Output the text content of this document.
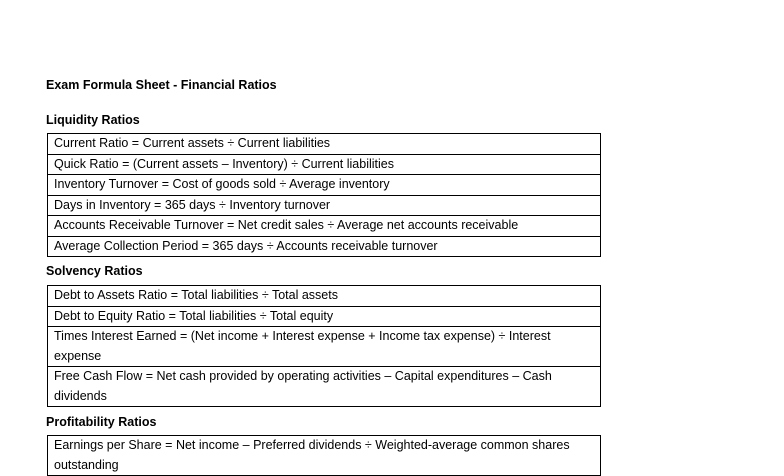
Exam Formula Sheet - Financial Ratios
Liquidity Ratios
Current Ratio = Current assets ÷ Current liabilities
Quick Ratio = (Current assets – Inventory) ÷ Current liabilities
Inventory Turnover = Cost of goods sold ÷ Average inventory
Days in Inventory = 365 days ÷ Inventory turnover
Accounts Receivable Turnover = Net credit sales ÷ Average net accounts receivable
Average Collection Period = 365 days ÷ Accounts receivable turnover
Solvency Ratios
Debt to Assets Ratio = Total liabilities ÷ Total assets
Debt to Equity Ratio = Total liabilities ÷ Total equity
Times Interest Earned = (Net income + Interest expense + Income tax expense) ÷ Interest expense
Free Cash Flow = Net cash provided by operating activities – Capital expenditures – Cash dividends
Profitability Ratios
Earnings per Share = Net income – Preferred dividends ÷ Weighted-average common shares outstanding
